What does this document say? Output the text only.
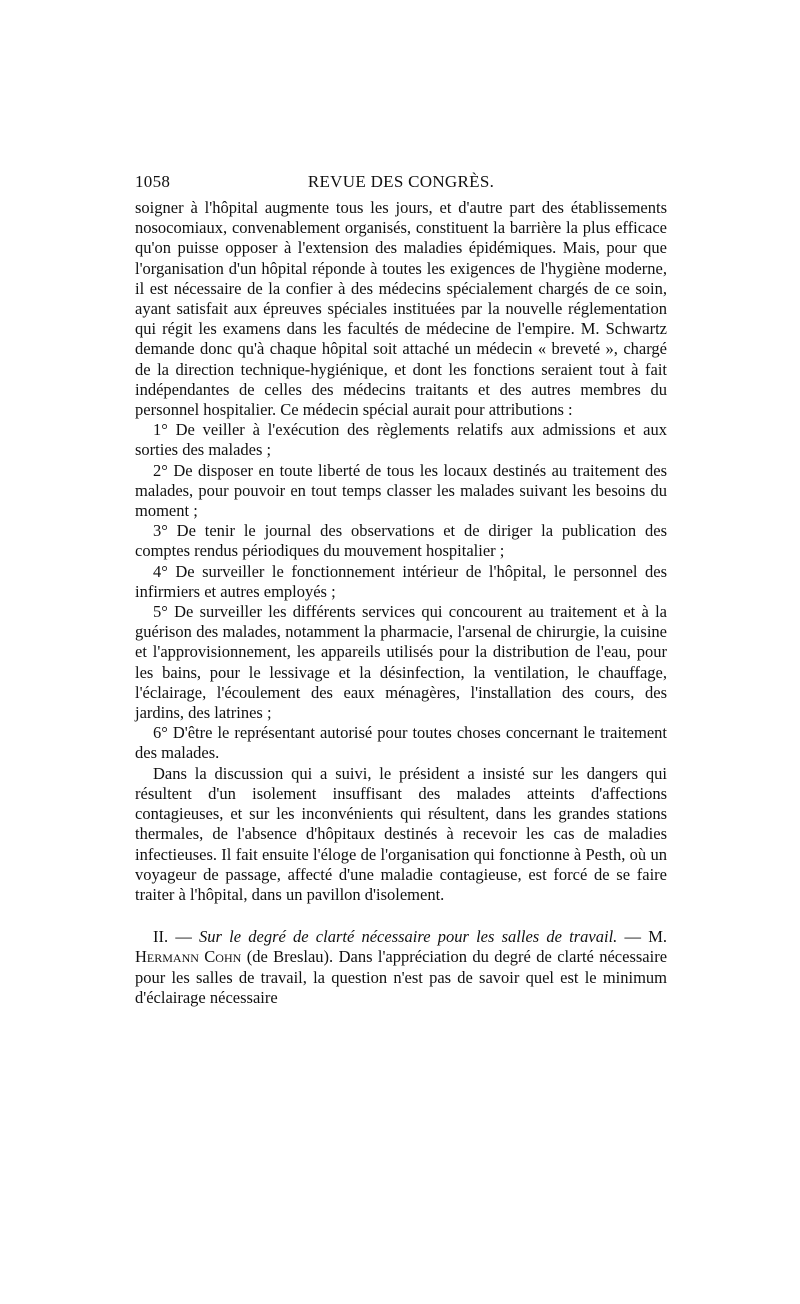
1058	REVUE DES CONGRÈS.

soigner à l'hôpital augmente tous les jours, et d'autre part des établissements nosocomiaux, convenablement organisés, constituent la barrière la plus efficace qu'on puisse opposer à l'extension des maladies épidémiques. Mais, pour que l'organisation d'un hôpital réponde à toutes les exigences de l'hygiène moderne, il est nécessaire de la confier à des médecins spécialement chargés de ce soin, ayant satisfait aux épreuves spéciales instituées par la nouvelle réglementation qui régit les examens dans les facultés de médecine de l'empire. M. Schwartz demande donc qu'à chaque hôpital soit attaché un médecin « breveté », chargé de la direction technique-hygiénique, et dont les fonctions seraient tout à fait indépendantes de celles des médecins traitants et des autres membres du personnel hospitalier. Ce médecin spécial aurait pour attributions :

1° De veiller à l'exécution des règlements relatifs aux admissions et aux sorties des malades ;

2° De disposer en toute liberté de tous les locaux destinés au traitement des malades, pour pouvoir en tout temps classer les malades suivant les besoins du moment ;

3° De tenir le journal des observations et de diriger la publication des comptes rendus périodiques du mouvement hospitalier ;

4° De surveiller le fonctionnement intérieur de l'hôpital, le personnel des infirmiers et autres employés ;

5° De surveiller les différents services qui concourent au traitement et à la guérison des malades, notamment la pharmacie, l'arsenal de chirurgie, la cuisine et l'approvisionnement, les appareils utilisés pour la distribution de l'eau, pour les bains, pour le lessivage et la désinfection, la ventilation, le chauffage, l'éclairage, l'écoulement des eaux ménagères, l'installation des cours, des jardins, des latrines ;

6° D'être le représentant autorisé pour toutes choses concernant le traitement des malades.

Dans la discussion qui a suivi, le président a insisté sur les dangers qui résultent d'un isolement insuffisant des malades atteints d'affections contagieuses, et sur les inconvénients qui résultent, dans les grandes stations thermales, de l'absence d'hôpitaux destinés à recevoir les cas de maladies infectieuses. Il fait ensuite l'éloge de l'organisation qui fonctionne à Pesth, où un voyageur de passage, affecté d'une maladie contagieuse, est forcé de se faire traiter à l'hôpital, dans un pavillon d'isolement.

II. — Sur le degré de clarté nécessaire pour les salles de travail. — M. Hermann Cohn (de Breslau). Dans l'appréciation du degré de clarté nécessaire pour les salles de travail, la question n'est pas de savoir quel est le minimum d'éclairage nécessaire
